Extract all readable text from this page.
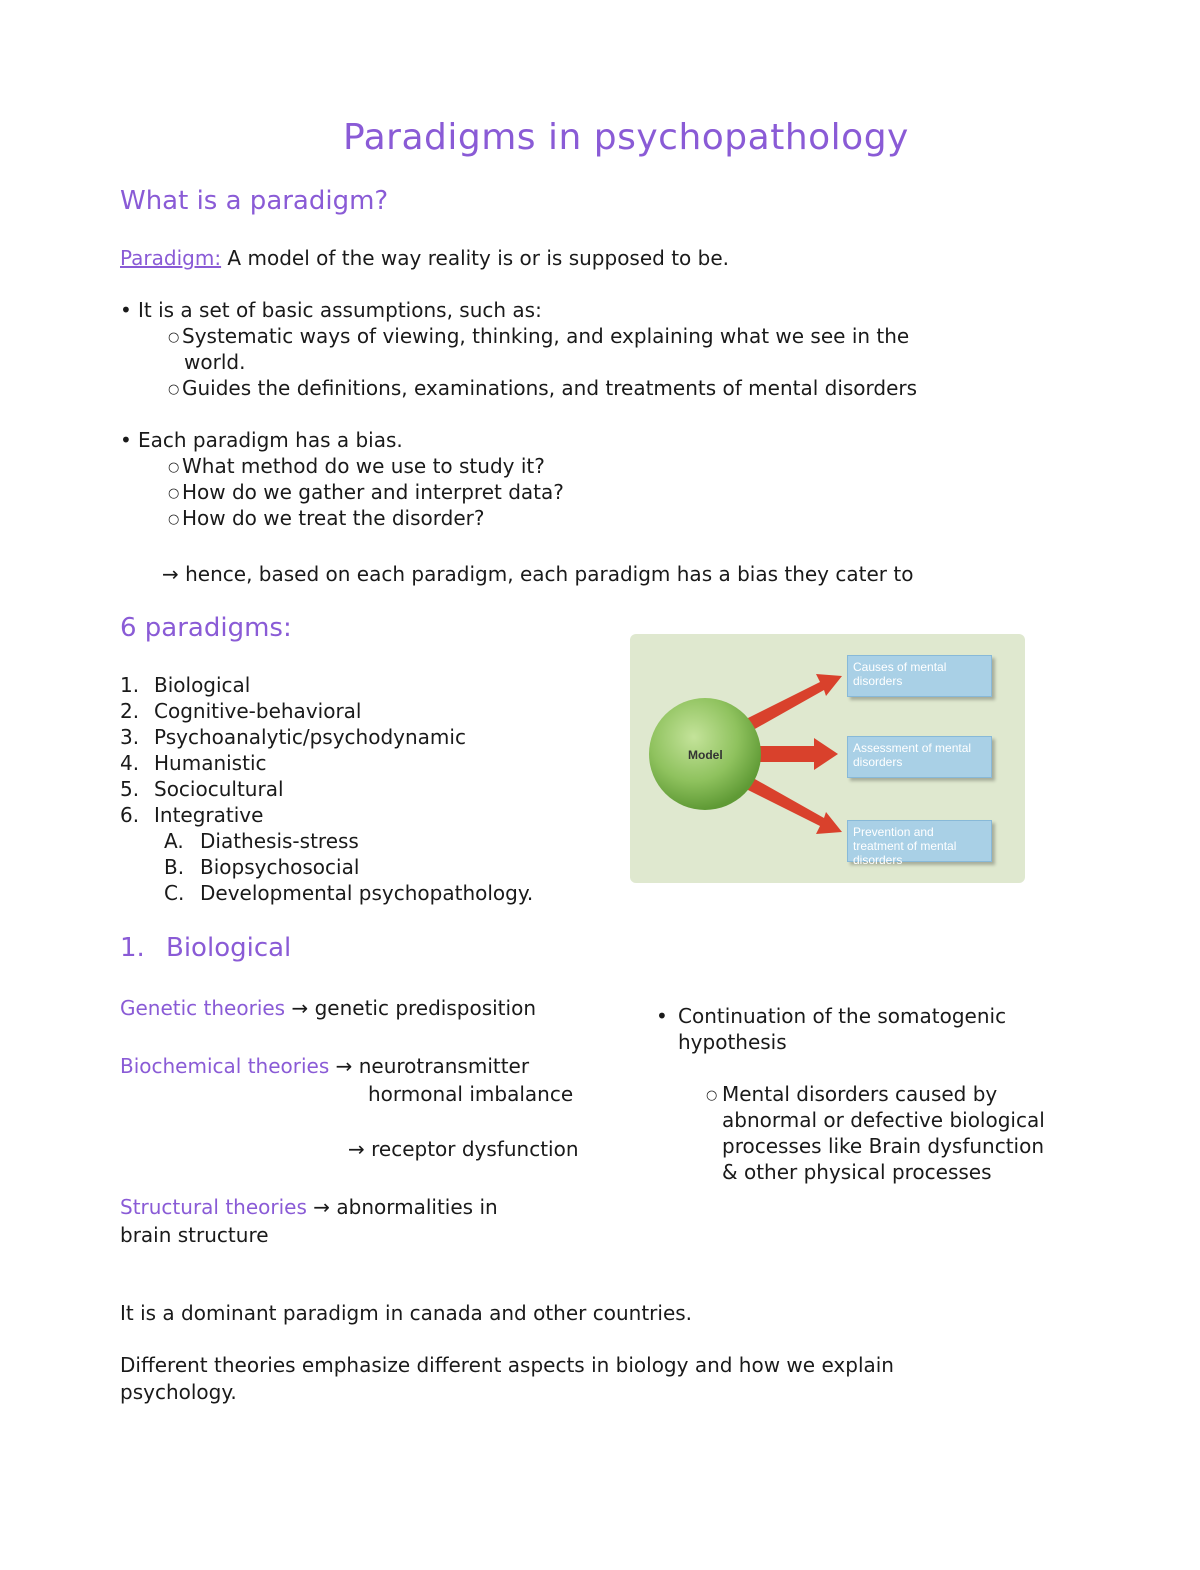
Paradigms in psychopathology
What is a paradigm?
Paradigm: A model of the way reality is or is supposed to be.
• It is a set of basic assumptions, such as:
○ Systematic ways of viewing, thinking, and explaining what we see in the
world.
○ Guides the definitions, examinations, and treatments of mental disorders
• Each paradigm has a bias.
○ What method do we use to study it?
○ How do we gather and interpret data?
○ How do we treat the disorder?
→ hence, based on each paradigm, each paradigm has a bias they cater to
6 paradigms:
1. Biological
2. Cognitive-behavioral
3. Psychoanalytic/psychodynamic
4. Humanistic
5. Sociocultural
6. Integrative
A. Diathesis-stress
B. Biopsychosocial
C. Developmental psychopathology.
Causes of mental disorders
Assessment of mental disorders
Prevention and treatment of mental disorders
Model
1. Biological
Genetic theories → genetic predisposition
Biochemical theories → neurotransmitter
hormonal imbalance
→ receptor dysfunction
Structural theories → abnormalities in
brain structure
• Continuation of the somatogenic
hypothesis
○ Mental disorders caused by
abnormal or defective biological
processes like Brain dysfunction
& other physical processes
It is a dominant paradigm in canada and other countries.
Different theories emphasize different aspects in biology and how we explain
psychology.
